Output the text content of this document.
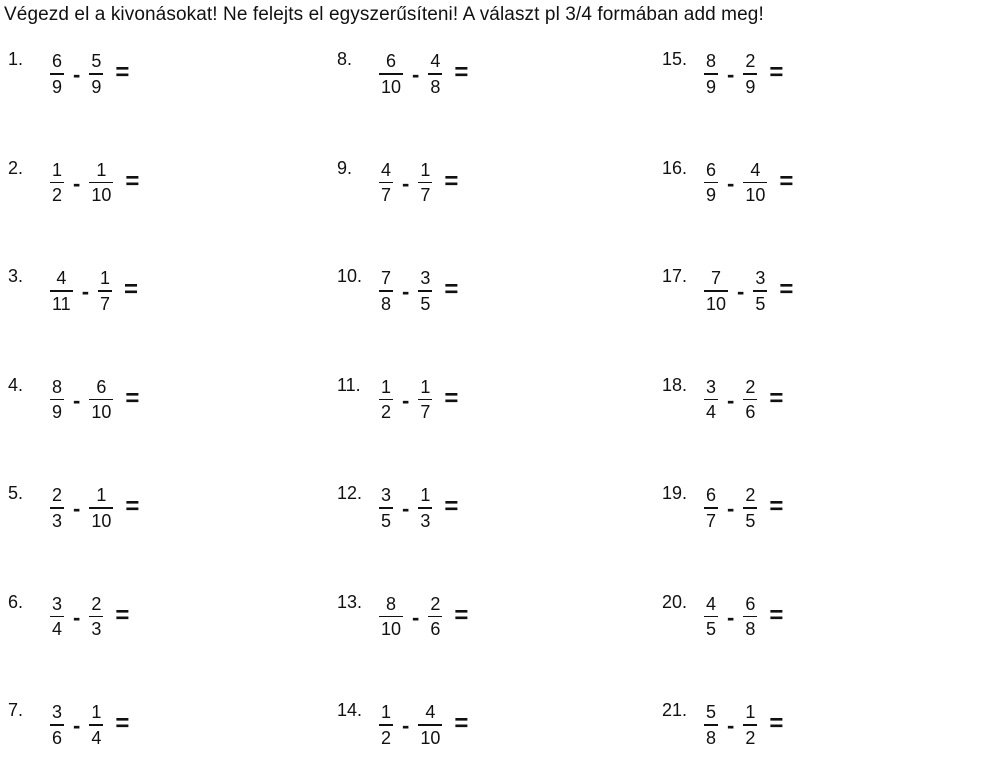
Végezd el a kivonásokat! Ne felejts el egyszerűsíteni! A választ pl 3/4 formában add meg!
1.	$\frac{6}{9} - \frac{5}{9}$ =
2.	$\frac{1}{2} - \frac{1}{10}$ =
3.	$\frac{4}{11} - \frac{1}{7}$ =
4.	$\frac{8}{9} - \frac{6}{10}$ =
5.	$\frac{2}{3} - \frac{1}{10}$ =
6.	$\frac{3}{4} - \frac{2}{3}$ =
7.	$\frac{3}{6} - \frac{1}{4}$ =
8.	$\frac{6}{10} - \frac{4}{8}$ =
9.	$\frac{4}{7} - \frac{1}{7}$ =
10. $\frac{7}{8} - \frac{3}{5}$ =
11.	$\frac{1}{2} - \frac{1}{7}$ =
12. $\frac{3}{5} - \frac{1}{3}$ =
13. $\frac{8}{10} - \frac{2}{6}$ =
14. $\frac{1}{2} - \frac{4}{10}$ =
15. $\frac{8}{9} - \frac{2}{9}$ =
16. $\frac{6}{9} - \frac{4}{10}$ =
17. $\frac{7}{10} - \frac{3}{5}$ =
18. $\frac{3}{4} - \frac{2}{6}$ =
19. $\frac{6}{7} - \frac{2}{5}$ =
20. $\frac{4}{5} - \frac{6}{8}$ =
21. $\frac{5}{8} - \frac{1}{2}$ =
